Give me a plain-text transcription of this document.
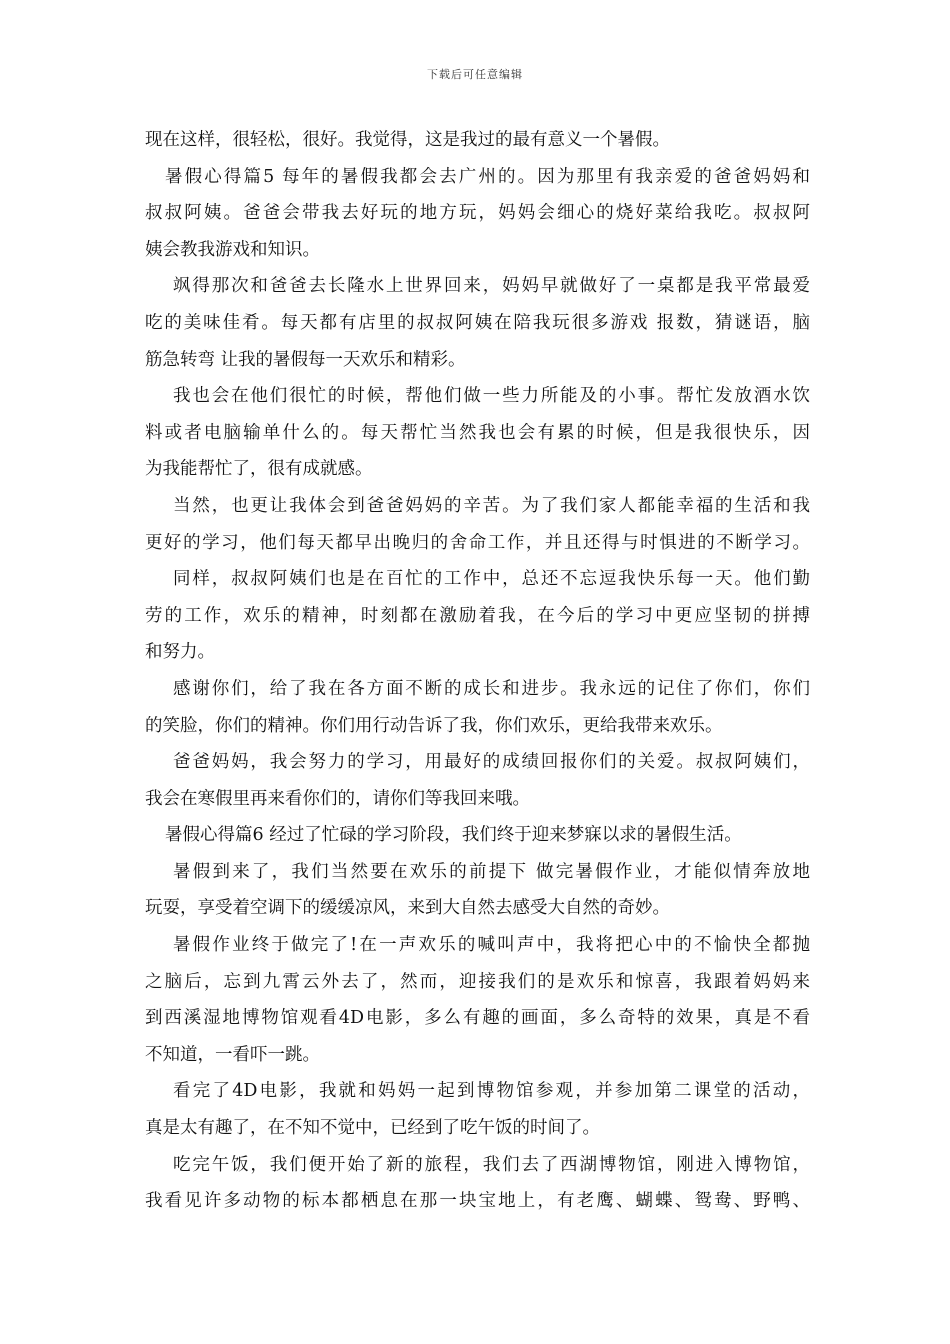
下载后可任意编辑
现在这样，很轻松，很好。我觉得，这是我过的最有意义一个暑假。
暑假心得篇5 每年的暑假我都会去广州的。因为那里有我亲爱的爸爸妈妈和
叔叔阿姨。爸爸会带我去好玩的地方玩，妈妈会细心的烧好菜给我吃。叔叔阿
姨会教我游戏和知识。
飒得那次和爸爸去长隆水上世界回来，妈妈早就做好了一桌都是我平常最爱
吃的美味佳肴。每天都有店里的叔叔阿姨在陪我玩很多游戏 报数，猜谜语，脑
筋急转弯 让我的暑假每一天欢乐和精彩。
我也会在他们很忙的时候，帮他们做一些力所能及的小事。帮忙发放酒水饮
料或者电脑输单什么的。每天帮忙当然我也会有累的时候，但是我很快乐，因
为我能帮忙了，很有成就感。
当然，也更让我体会到爸爸妈妈的辛苦。为了我们家人都能幸福的生活和我
更好的学习，他们每天都早出晚归的舍命工作，并且还得与时惧进的不断学习。
同样，叔叔阿姨们也是在百忙的工作中，总还不忘逗我快乐每一天。他们勤
劳的工作，欢乐的精神，时刻都在激励着我，在今后的学习中更应坚韧的拼搏
和努力。
感谢你们，给了我在各方面不断的成长和进步。我永远的记住了你们，你们
的笑脸，你们的精神。你们用行动告诉了我，你们欢乐，更给我带来欢乐。
爸爸妈妈，我会努力的学习，用最好的成绩回报你们的关爱。叔叔阿姨们，
我会在寒假里再来看你们的，请你们等我回来哦。
暑假心得篇6 经过了忙碌的学习阶段，我们终于迎来梦寐以求的暑假生活。
暑假到来了，我们当然要在欢乐的前提下 做完暑假作业，才能似情奔放地
玩耍，享受着空调下的缓缓凉风，来到大自然去感受大自然的奇妙。
暑假作业终于做完了!在一声欢乐的喊叫声中，我将把心中的不愉快全都抛
之脑后，忘到九霄云外去了，然而，迎接我们的是欢乐和惊喜，我跟着妈妈来
到西溪湿地博物馆观看4D电影，多么有趣的画面，多么奇特的效果，真是不看
不知道，一看吓一跳。
看完了4D电影，我就和妈妈一起到博物馆参观，并参加第二课堂的活动，
真是太有趣了，在不知不觉中，已经到了吃午饭的时间了。
吃完午饭，我们便开始了新的旅程，我们去了西湖博物馆，刚进入博物馆，
我看见许多动物的标本都栖息在那一块宝地上，有老鹰、蝴蝶、鸳鸯、野鸭、
